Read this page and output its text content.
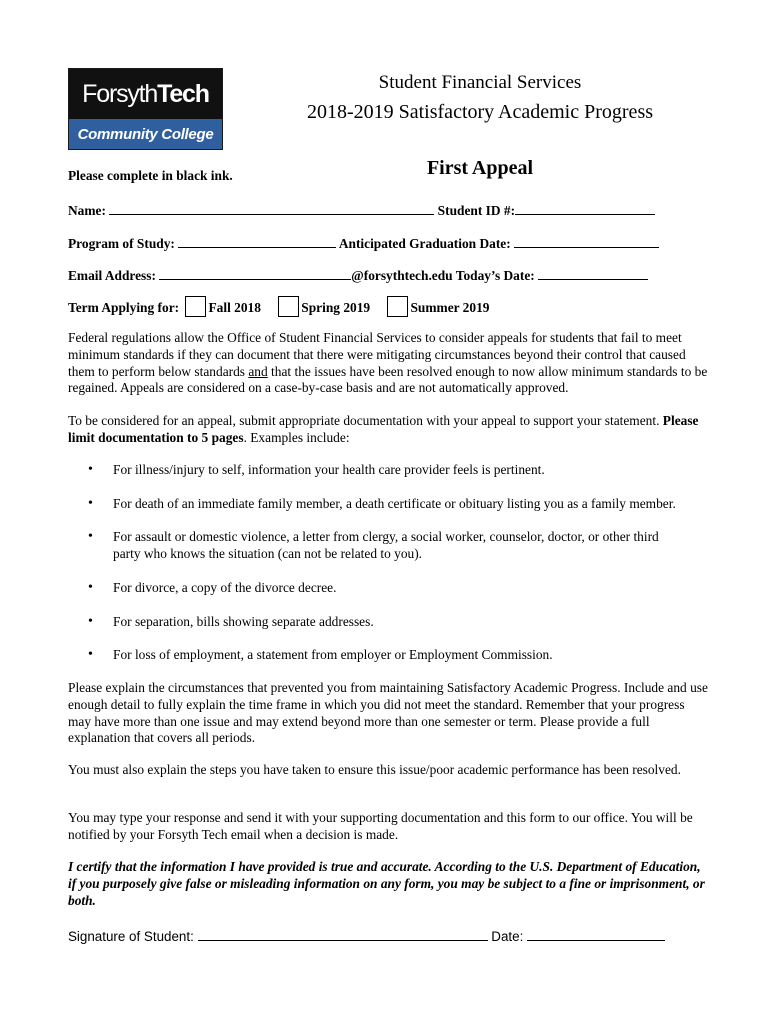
Forsyth Tech
Community College
Student Financial Services
2018-2019 Satisfactory Academic Progress
First Appeal
Please complete in black ink.
Name:	Student ID #:
Program of Study:	Anticipated Graduation Date:
Email Address:	@forsythtech.edu Today’s Date:
Term Applying for: Fall 2018	Spring 2019	Summer 2019
Federal regulations allow the Office of Student Financial Services to consider appeals for students that fail to meet minimum standards if they can document that there were mitigating circumstances beyond their control that caused them to perform below standards and that the issues have been resolved enough to now allow minimum standards to be regained. Appeals are considered on a case-by-case basis and are not automatically approved.
To be considered for an appeal, submit appropriate documentation with your appeal to support your statement. Please limit documentation to 5 pages. Examples include:
• For illness/injury to self, information your health care provider feels is pertinent.
• For death of an immediate family member, a death certificate or obituary listing you as a family member.
• For assault or domestic violence, a letter from clergy, a social worker, counselor, doctor, or other third party who knows the situation (can not be related to you).
• For divorce, a copy of the divorce decree.
• For separation, bills showing separate addresses.
• For loss of employment, a statement from employer or Employment Commission.
Please explain the circumstances that prevented you from maintaining Satisfactory Academic Progress. Include and use enough detail to fully explain the time frame in which you did not meet the standard. Remember that your progress may have more than one issue and may extend beyond more than one semester or term. Please provide a full explanation that covers all periods.
You must also explain the steps you have taken to ensure this issue/poor academic performance has been resolved.
You may type your response and send it with your supporting documentation and this form to our office. You will be notified by your Forsyth Tech email when a decision is made.
I certify that the information I have provided is true and accurate. According to the U.S. Department of Education, if you purposely give false or misleading information on any form, you may be subject to a fine or imprisonment, or both.
Signature of Student:	Date:
